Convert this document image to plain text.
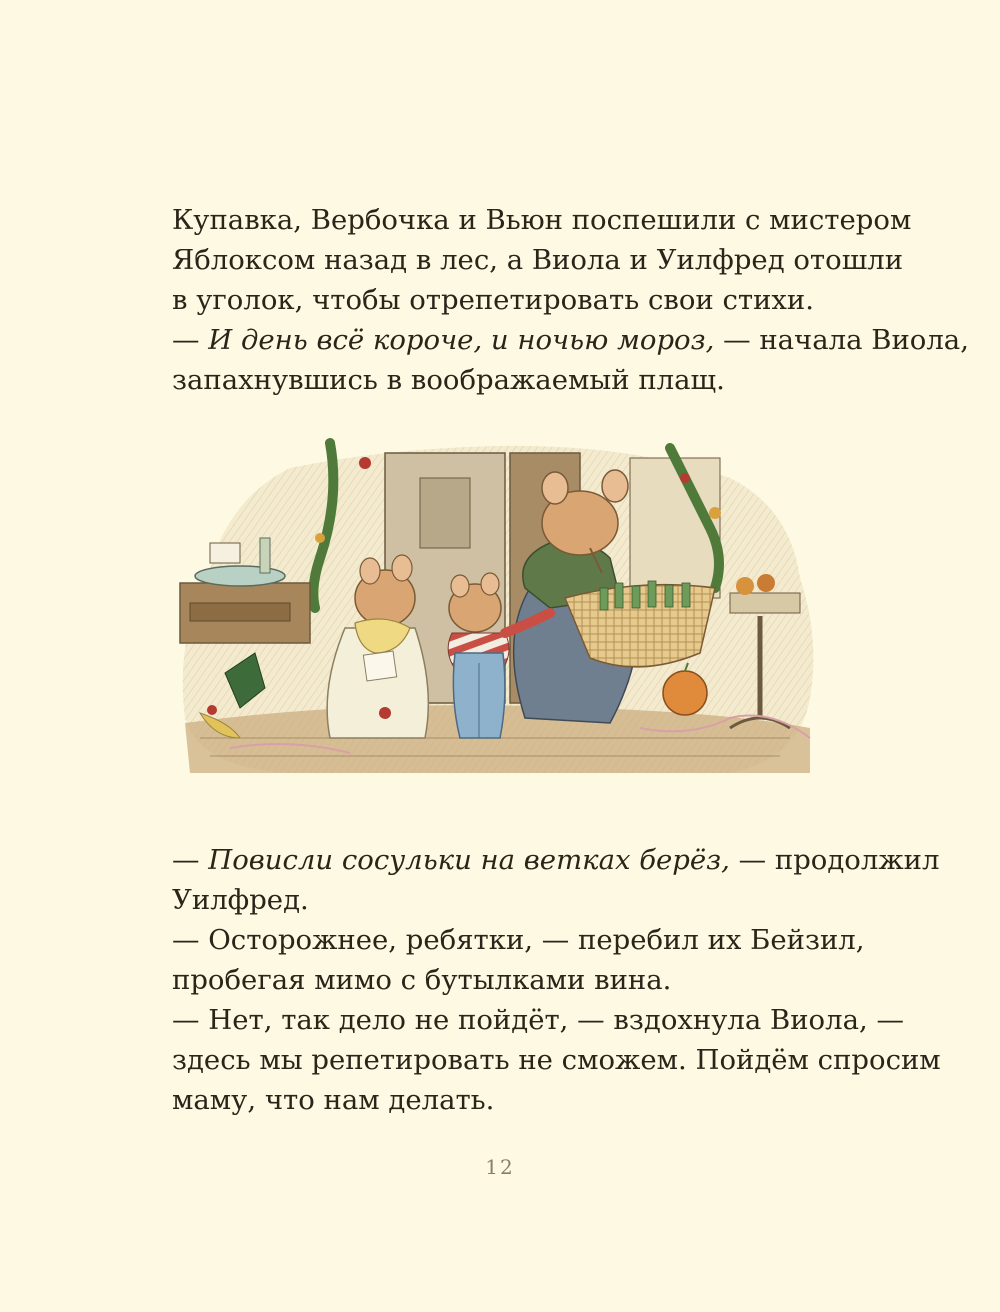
Купавка, Вербочка и Вьюн поспешили с мистером
Яблоксом назад в лес, а Виола и Уилфред отошли
в уголок, чтобы отрепетировать свои стихи.
— И день всё короче, и ночью мороз, — начала Виола,
запахнувшись в воображаемый плащ.
— Повисли сосульки на ветках берёз, — продолжил
Уилфред.
— Осторожнее, ребятки, — перебил их Бейзил,
пробегая мимо с бутылками вина.
— Нет, так дело не пойдёт, — вздохнула Виола, —
здесь мы репетировать не сможем. Пойдём спросим
маму, что нам делать.
12
